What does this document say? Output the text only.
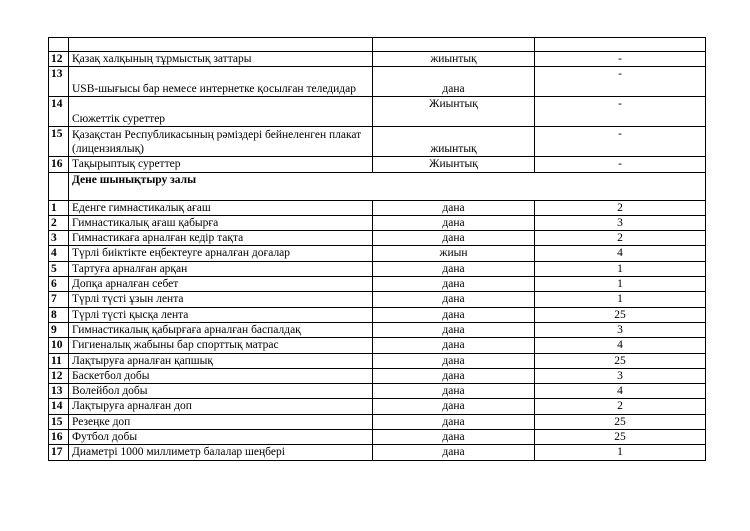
12	Қазақ халқының тұрмыстық заттары	жиынтық	-
13	USB-шығысы бар немесе интернетке қосылған теледидар	дана	-
14	Сюжеттік суреттер	Жиынтық	-
15	Қазақстан Республикасының рәміздері бейнеленген плакат (лицензиялық)	жиынтық	-
16	Тақырыптық суреттер	Жиынтық	-
	Дене шынықтыру залы		
1	Еденге гимнастикалық ағаш	дана	2
2	Гимнастикалық ағаш қабырға	дана	3
3	Гимнастикаға арналған кедір тақта	дана	2
4	Түрлі биіктікте еңбектеуге арналған доғалар	жиын	4
5	Тартуға арналған арқан	дана	1
6	Допқа арналған себет	дана	1
7	Түрлі түсті ұзын лента	дана	1
8	Түрлі түсті қысқа лента	дана	25
9	Гимнастикалық қабырғаға арналған баспалдақ	дана	3
10	Гигиеналық жабыны бар спорттық матрас	дана	4
11	Лақтыруға арналған қапшық	дана	25
12	Баскетбол добы	дана	3
13	Волейбол добы	дана	4
14	Лақтыруға арналған доп	дана	2
15	Резеңке доп	дана	25
16	Футбол добы	дана	25
17	Диаметрі 1000 миллиметр балалар шеңбері	дана	1
